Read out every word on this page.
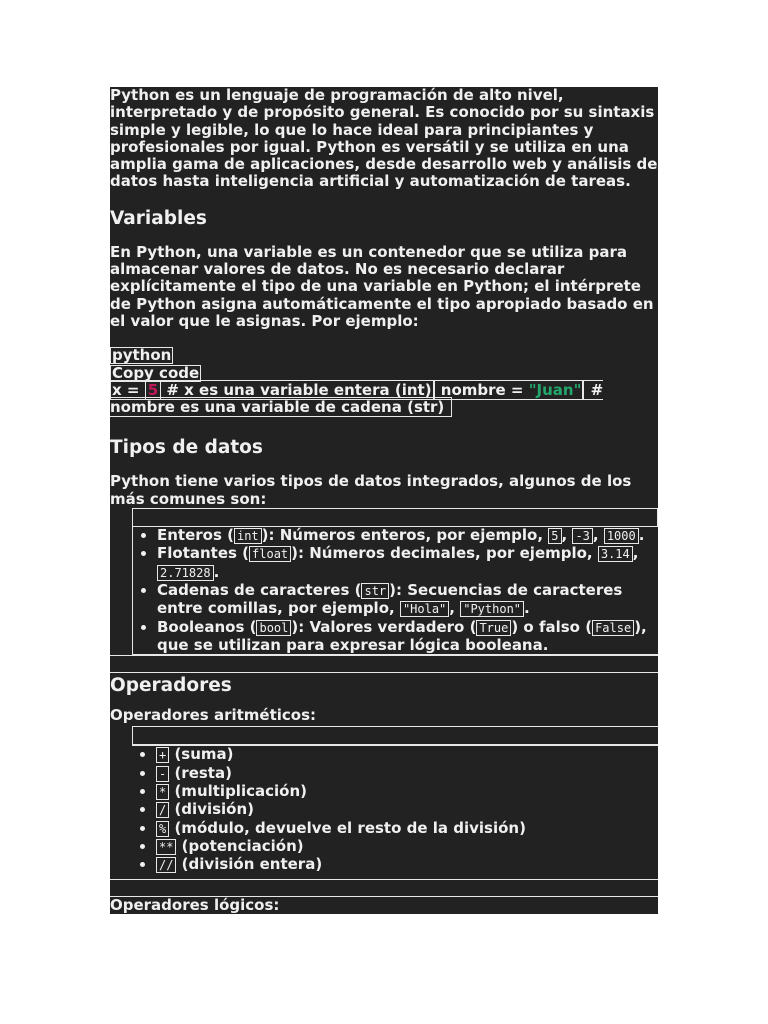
Python es un lenguaje de programación de alto nivel, interpretado y de propósito general. Es conocido por su sintaxis simple y legible, lo que lo hace ideal para principiantes y profesionales por igual. Python es versátil y se utiliza en una amplia gama de aplicaciones, desde desarrollo web y análisis de datos hasta inteligencia artificial y automatización de tareas.

Variables

En Python, una variable es un contenedor que se utiliza para almacenar valores de datos. No es necesario declarar explícitamente el tipo de una variable en Python; el intérprete de Python asigna automáticamente el tipo apropiado basado en el valor que le asignas. Por ejemplo:

python
Copy code

x = 5 # x es una variable entera (int) nombre = "Juan" # nombre es una variable de cadena (str)
Tipos de datos

Python tiene varios tipos de datos integrados, algunos de los más comunes son:

• Enteros ( int ): Números enteros, por ejemplo, 5 , -3 , 1000 .
• Flotantes ( float ): Números decimales, por ejemplo, 3.14 , 2.71828 .
• Cadenas de caracteres ( str ): Secuencias de caracteres entre comillas, por ejemplo, "Hola" , "Python" .
• Booleanos ( bool ): Valores verdadero ( True ) o falso ( False ), que se utilizan para expresar lógica booleana.
Operadores

Operadores aritméticos:

• + (suma)
• - (resta)
• * (multiplicación)
• / (división)
• % (módulo, devuelve el resto de la división)
• ** (potenciación)
• // (división entera)

Operadores lógicos:
